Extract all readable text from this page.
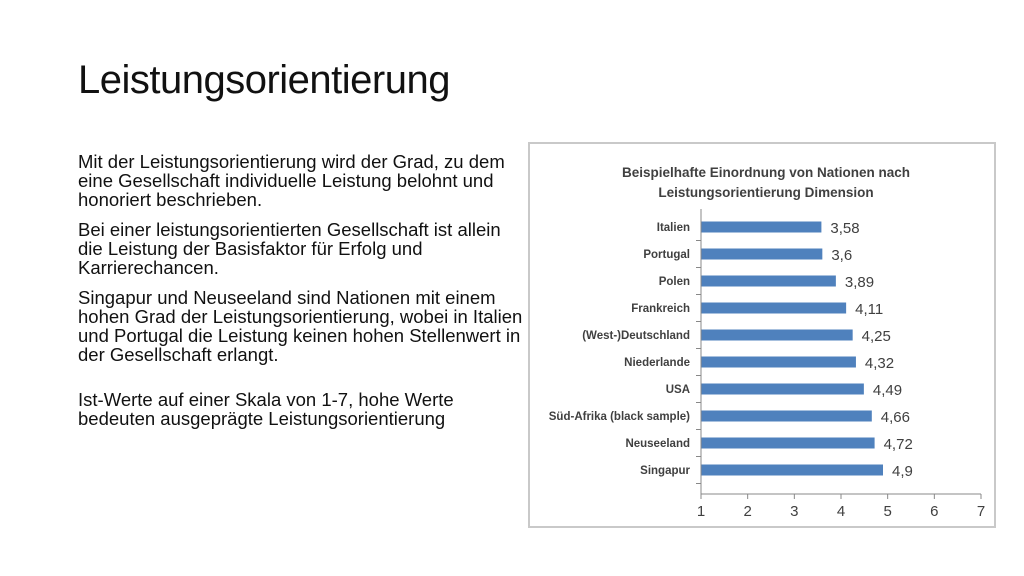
Leistungsorientierung

Mit der Leistungsorientierung wird der Grad, zu dem eine Gesellschaft individuelle Leistung belohnt und honoriert beschrieben.

Bei einer leistungsorientierten Gesellschaft ist allein die Leistung der Basisfaktor für Erfolg und Karrierechancen.

Singapur und Neuseeland sind Nationen mit einem hohen Grad der Leistungsorientierung, wobei in Italien und Portugal die Leistung keinen hohen Stellenwert in der Gesellschaft erlangt.

Ist-Werte auf einer Skala von 1-7, hohe Werte bedeuten ausgeprägte Leistungsorientierung

Beispielhafte Einordnung von Nationen nach
Leistungsorientierung Dimension
Italien	3,58
Portugal	3,6
Polen	3,89
Frankreich	4,11
(West-)Deutschland	4,25
Niederlande	4,32
USA	4,49
Süd-Afrika (black sample)	4,66
Neuseeland	4,72
Singapur	4,9
1	2	3	4	5	6	7
